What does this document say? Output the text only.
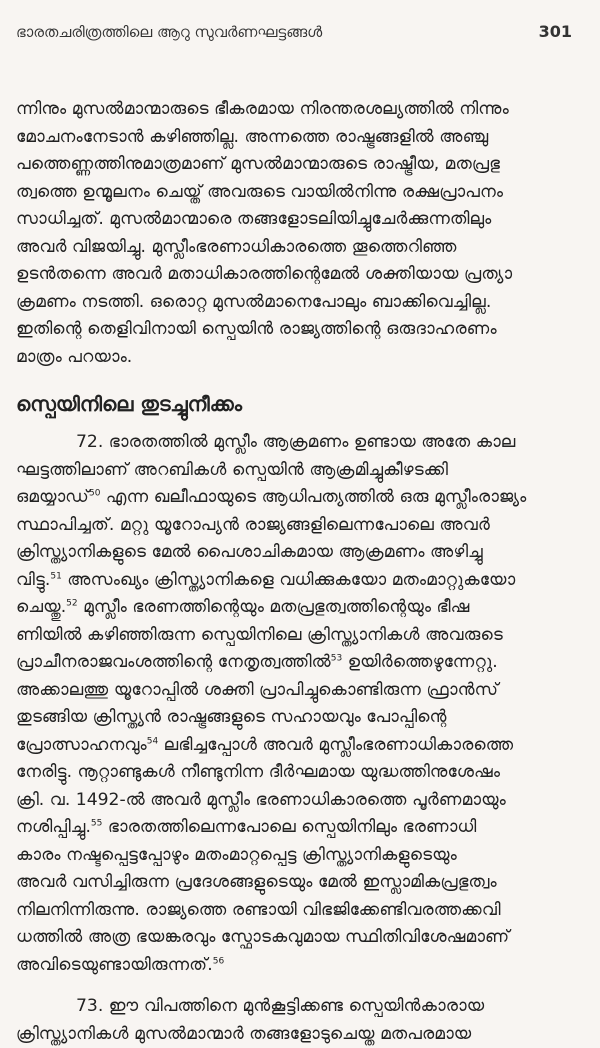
ഭാരതചരിത്രത്തിലെ ആറു സുവർണഘട്ടങ്ങൾ	301

ന്നിനും മുസൽമാന്മാരുടെ ഭീകരമായ നിരന്തരശല്യത്തിൽ നിന്നും
മോചനംനേടാൻ കഴിഞ്ഞില്ല. അന്നത്തെ രാഷ്ട്രങ്ങളിൽ അഞ്ചു
പത്തെണ്ണത്തിനുമാത്രമാണ് മുസൽമാന്മാരുടെ രാഷ്ട്രീയ, മതപ്രഭു
ത്വത്തെ ഉന്മൂലനം ചെയ്ത് അവരുടെ വായിൽനിന്നു രക്ഷപ്രാപനം
സാധിച്ചത്. മുസൽമാന്മാരെ തങ്ങളോടലിയിച്ചുചേർക്കുന്നതിലും
അവർ വിജയിച്ചു. മുസ്ലീംഭരണാധികാരത്തെ തൂത്തെറിഞ്ഞ
ഉടൻതന്നെ അവർ മതാധികാരത്തിന്റെമേൽ ശക്തിയായ പ്രത്യാ
ക്രമണം നടത്തി. ഒരൊറ്റ മുസൽമാനെപോലും ബാക്കിവെച്ചില്ല.
ഇതിന്റെ തെളിവിനായി സ്പെയിൻ രാജ്യത്തിന്റെ ഒരുദാഹരണം
മാത്രം പറയാം.

സ്പെയിനിലെ തുടച്ചുനീക്കം

72. ഭാരതത്തിൽ മുസ്ലീം ആക്രമണം ഉണ്ടായ അതേ കാല
ഘട്ടത്തിലാണ് അറബികൾ സ്പെയിൻ ആക്രമിച്ചുകീഴടക്കി
ഒമയ്യാഡ്$^{50}$ എന്ന ഖലീഫായുടെ ആധിപത്യത്തിൽ ഒരു മുസ്ലീംരാജ്യം
സ്ഥാപിച്ചത്. മറ്റു യൂറോപ്യൻ രാജ്യങ്ങളിലെന്നപോലെ അവർ
ക്രിസ്ത്യാനികളുടെ മേൽ പൈശാചികമായ ആക്രമണം അഴിച്ചു
വിട്ടു.$^{51}$ അസംഖ്യം ക്രിസ്ത്യാനികളെ വധിക്കുകയോ മതംമാറ്റുകയോ
ചെയ്തു.$^{52}$ മുസ്ലീം ഭരണത്തിന്റെയും മതപ്രഭുത്വത്തിന്റെയും ഭീഷ
ണിയിൽ കഴിഞ്ഞിരുന്ന സ്പെയിനിലെ ക്രിസ്ത്യാനികൾ അവരുടെ
പ്രാചീനരാജവംശത്തിന്റെ നേതൃത്വത്തിൽ$^{53}$ ഉയിർത്തെഴുന്നേറ്റു.
അക്കാലത്തു യൂറോപ്പിൽ ശക്തി പ്രാപിച്ചുകൊണ്ടിരുന്ന ഫ്രാൻസ്
തുടങ്ങിയ ക്രിസ്ത്യൻ രാഷ്ട്രങ്ങളുടെ സഹായവും പോപ്പിന്റെ
പ്രോത്സാഹനവും$^{54}$ ലഭിച്ചപ്പോൾ അവർ മുസ്ലീംഭരണാധികാരത്തെ
നേരിട്ടു. നൂറ്റാണ്ടുകൾ നീണ്ടുനിന്ന ദീർഘമായ യുദ്ധത്തിനുശേഷം
ക്രി. വ. 1492-ൽ അവർ മുസ്ലീം ഭരണാധികാരത്തെ പൂർണമായും
നശിപ്പിച്ചു.$^{55}$ ഭാരതത്തിലെന്നപോലെ സ്പെയിനിലും ഭരണാധി
കാരം നഷ്ടപ്പെട്ടപ്പോഴും മതംമാറ്റപ്പെട്ട ക്രിസ്ത്യാനികളുടെയും
അവർ വസിച്ചിരുന്ന പ്രദേശങ്ങളുടെയും മേൽ ഇസ്ലാമികപ്രഭുത്വം
നിലനിന്നിരുന്നു. രാജ്യത്തെ രണ്ടായി വിഭജിക്കേണ്ടിവരത്തക്കവി
ധത്തിൽ അത്ര ഭയങ്കരവും സ്ഫോടകവുമായ സ്ഥിതിവിശേഷമാണ്
അവിടെയുണ്ടായിരുന്നത്.$^{56}$

73. ഈ വിപത്തിനെ മുൻകൂട്ടിക്കണ്ട സ്പെയിൻകാരായ
ക്രിസ്ത്യാനികൾ മുസൽമാന്മാർ തങ്ങളോടുചെയ്ത മതപരമായ
